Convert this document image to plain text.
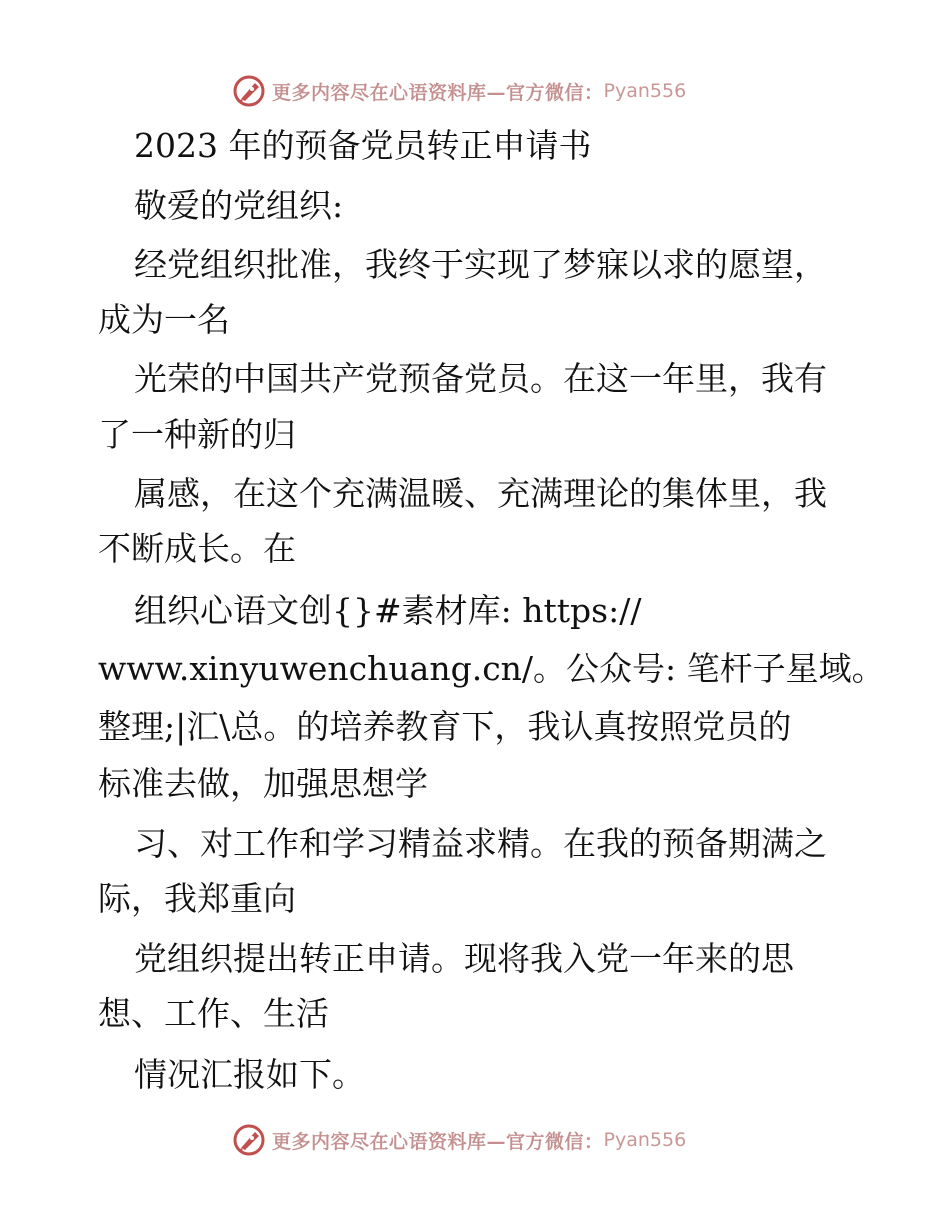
更多内容尽在心语资料库—官方微信： Pyan556

2023 年的预备党员转正申请书

敬爱的党组织:

经党组织批准，我终于实现了梦寐以求的愿望，

成为一名

光荣的中国共产党预备党员。在这一年里，我有

了一种新的归

属感，在这个充满温暖、充满理论的集体里，我

不断成长。在

组织心语文创{}#素材库: https://

www.xinyuwenchuang.cn/。公众号: 笔杆子星域。

整理;|汇\总。的培养教育下，我认真按照党员的

标准去做，加强思想学

习、对工作和学习精益求精。在我的预备期满之

际，我郑重向

党组织提出转正申请。现将我入党一年来的思

想、工作、生活

情况汇报如下。

更多内容尽在心语资料库—官方微信： Pyan556
